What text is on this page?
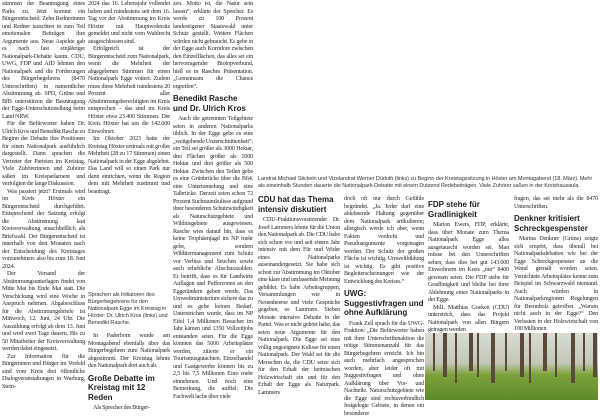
Landrat Michael Stickeln und Vizelandrat Werner Düdoth (links) zu Beginn der Kreistagssitzung in Höxter am Montagabend (18. März). Mehr als eineinhalb Stunden dauerte die Nationalpark-Debatte mit einem Dutzend Redebeiträgen. Viele Zuhörer saßen in der Kreishausaula.

stimmen der Beantragung eines Parks zu. Jetzt kommt ein Bürgerentscheid. Zehn Rednerinnen und Redner tauschten in zum Teil emotionalen Beiträgen ihre Argumente aus. Neue Aspekte gab es nach fast einjähriger Nationalpark-Debatte kaum. CDU, UWG, FDP und AfD lehnten den Nationalpark und die Forderungen des Bürgerbegehrens (8470 Unterschriften) in namentlicher Abstimmung ab. SPD, Grüne und BfB unterstützen die Beantragung der Egge-Unterschutzstellung beim Land NRW.

Für die Befürworter haben Dr. Ulrich Kros und Benedikt Rasche zu Beginn der Debatte ihre Positionen für einen Nationalpark ausführlich dargestellt. Dann sprachen die Vertreter der Parteien im Kreistag. Viele Zuhörerinnen und Zuhörer saßen im Kreisparlament und verfolgten die lange Diskussion.

Was passiert jetzt? Erstmals wird im Kreis Höxter ein Bürgerentscheid durchgeführt. Entsprechend der Satzung erfolgt die Abstimmung laut Kreisverwaltung ausschließlich als Briefwahl. Der Bürgerentscheid ist innerhalb von drei Monaten nach der Entscheidung des Kreistages vorzunehmen: also bis zum 18. Juni 2024.

Der Versand der Abstimmungsunterlagen findet von Mitte Mai bis Ende Mai statt. Die Verschickung wird eine Woche in Anspruch nehmen. Abgabeschluss für die Abstimmungsbriefe ist Mittwoch, 12. Juni, 24 Uhr. Die Auszählung erfolgt ab dem 13. Juni und wird zwei Tage dauern. Bis zu 50 Mitarbeiter der Kreisverwaltung werden dabei eingesetzt.

Zur Information für die Bürgerinnen und Bürger im Vorfeld sind vom Kreis drei öffentliche Dialogveranstaltungen in Warburg, Stein-

2024 das 16. Lebensjahr vollendet haben und mindestens seit dem 16. Tag vor der Abstimmung im Kreis Höxter mit Hauptwohnsitz gemeldet und nicht vom Wahlrecht ausgeschlossen sind.

Erfolgreich ist der Bürgerentscheid zum Nationalpark, wenn die Mehrheit der abgegebenen Stimmen für einen Nationalpark Egge votiert. Zudem muss diese Mehrheit mindestens 20 Prozent aller Abstimmungsberechtigten im Kreis entsprechen – das sind im Kreis Höxter etwa 23.400 Stimmen. Der Kreis Höxter hat um die 142.000 Einwohner.

Im Oktober 2023 hatte der Kreistag Höxter erstmals mit großer Mehrheit (28 zu 17 Stimmen) einen Nationalpark in der Egge abgelehnt. Das Land will so einen Park nur dann einrichten, wenn die Region dem mit Mehrheit zustimmt und beantragt.

Sprachen als Initiatoren des Bürgerbegehrens für den Nationalpark Egge im Kreistag in Höxter: Dr. Ulrich Kros (links) und Benedikt Rasche.

In Paderborn wurde am Montagabend ebenfalls über das Bürgerbegehren zum Nationalpark abgestimmt. Der Kreistag lehnte den Nationalpark dort auch ab.

Große Debatte im Kreistag mit 12 Reden

Als Sprecher des Bürger-

zen. Motto ist, die Natur sein lassen“, erklärte der Sprecher. Es werde zu 100 Prozent landeseigener Staatswald unter Schutz gestellt. Weitere Flächen würden nicht gebraucht. Es gebe in der Egge auch Korridore zwischen den Einzelflächen, das alles sei ein hervorragender Biotopverbund, hieß es in Rasches Präsentation. „Gemeinsam die Chance ergreifen“.

Benedikt Rasche und Dr. Ulrich Kros

Auch die getrennten Teilgebiete seien in anderen Nationalparks üblich. In der Egge gebe es eine „weitgehende Unzerschnittenheit“: ein Teil sei größer als 3000 Hektar, drei Flächen größer als 1000 Hektar und drei größer als 500 Hektar. Zwischen den Teilen gebe es eine Grünbrücke über die B64, eine Untertunnelung und eine Talbrücke. Derzeit seien schon 72 Prozent Suchraumkulisse aufgrund ihrer besonderen Schutzwürdigkeit als Naturschutzgebiete und Wildnisgebiete ausgewiesen. Rasche wies darauf hin, dass es keine Trophäenjagd im NP mehr gebe, sondern Wildtiermanagement zum Schutz vor Verbiss und Seuchen sowie auch erhebliche Abschusszahlen. Er betrifft, dass es für Landwirte Auflagen und Pufferzonen an den Eggerändern geben werde. Das Umweltministerium sichere das zu und es gebe keinen Bedarf. Unterstrichen wurde, dass im NP Eifel 1,4 Millionen Besucher im Jahr kämen und 1350 Vollzeitjobs entstanden seien. Für die Egge könnten das 5000 Arbeitsplätze werden, zitierte er ein Tourismusgutachten. Einzelhandel und Gastgewerbe können bis zu 2,5 bis 7,5 Millionen Euro mehr einnehmen. Und noch eine Bemerkung, die auffiel: Die Fachwelt lache über viele

CDU hat das Thema intensiv diskutiert

CDU-Fraktionsvorsitzender Dr. Josef Lammers lehnte für die Union den Nationalpark ab. Die CDU habe sich schon vor und seit einem Jahr intensiv mit dem Für und Wider eines Nationalparks auseinandergesetzt. Sie habe sich schon zur Abstimmung im Oktober eine klare und umfassende Meinung gebildet. Es habe Arbeitsgruppen, Versammlungen wie in Neuenheerse und viele Gespräche gegeben, so Lammers. Sieben Monate intensive Debatte in der Partei. Was er nicht gehört habe, das seien neue Argumente für den Nationalpark. Die Egge sei eine völlig ungeeignete Kulisse für einen Nationalpark. Der Wald sei für die Menschen da, die CDU setze sich für den Erhalt der heimischen Holzwirtschaft ein und für den Erhalt der Egge als Naturpark. Lammers

doch oft nur durch Gefühle begründet. „Ja. Jeder darf eine ablehnende Haltung gegenüber dem Nationalpark artikulieren; allergisch werde ich aber, wenn Fakten verdreht und Pseudoargumente vorgetragen werden. Der Schutz der großen Fläche ist wichtig. Umweltbildung ist wichtig. Es gibt positive Begleiterscheinungen wie der Entwicklung des Kreises.“

UWG: Suggestivfragen und ohne Aufklärung

Frank Zell sprach für die UWG-Fraktion: „Die Befürworter haben mit ihrer Unterschriftenaktion die nötige Stimmenanzahl für das Bürgerbegehren erreicht. Ich bin auch mehrfach angesprochen worden, aber leider oft mit Suggestivfragen und ohne Aufklärung über Vor- und Nachteile. Naturschutzgebiete wie die Egge sind rechtsverbindlich festgelegte Gebiete, in denen ein besonderer

FDP stehe für Gradlinigkeit

Marion Ewers, FDP, erklärte, dass über Monate zum Thema Nationalpark Egge alles ausgetauscht worden sei. Man müsse bei den Unterschriften sehen, dass dies bei gut 143.000 Einwohnern im Kreis „nur“ 8400 gewesen seien. Die FDP stehe für Gradlinigkeit und bleibe bei ihrer Ablehnung eines Nationalparks in der Egge.

MdL Matthias Goeken (CDU) unterstrich, dass das Projekt Nationalpark von allen Bürgern getragen werden

fragen, das sei mehr als die 8470 Unterschriften.

Denkner kritisiert Schreckgespenster

Marina Denkner (Grüne) zeigte sich empört, dass überall bei Nationalparkdebatten wie bei der Egge Schreckgespenster an die Wand gemalt worden seien. Vernichtete Arbeitsplätze kenne zum Beispiel im Schwarzwald niemand. Auch würden in Nationalparkregionen Regelungen für Brennholz getroffen. „Warum nicht auch in der Egge?“ Den Verlusten in der Holzwirtschaft von 100 Millionen
